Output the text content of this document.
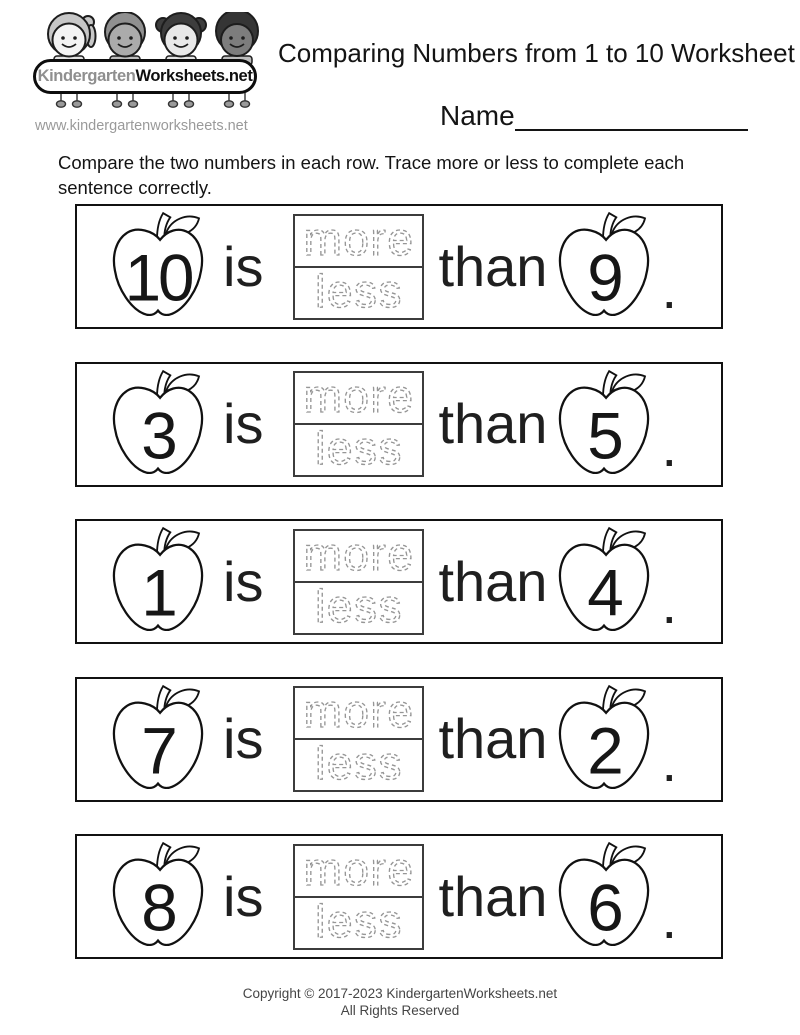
Kindergarten Worksheets.net
www.kindergartenworksheets.net
Comparing Numbers from 1 to 10 Worksheet
Name
Compare the two numbers in each row. Trace more or less to complete each sentence correctly.
10 is more
less than 9 .
3 is more
less than 5 .
1 is more
less than 4 .
7 is more
less than 2 .
8 is more
less than 6 .
Copyright © 2017-2023 KindergartenWorksheets.net
All Rights Reserved
